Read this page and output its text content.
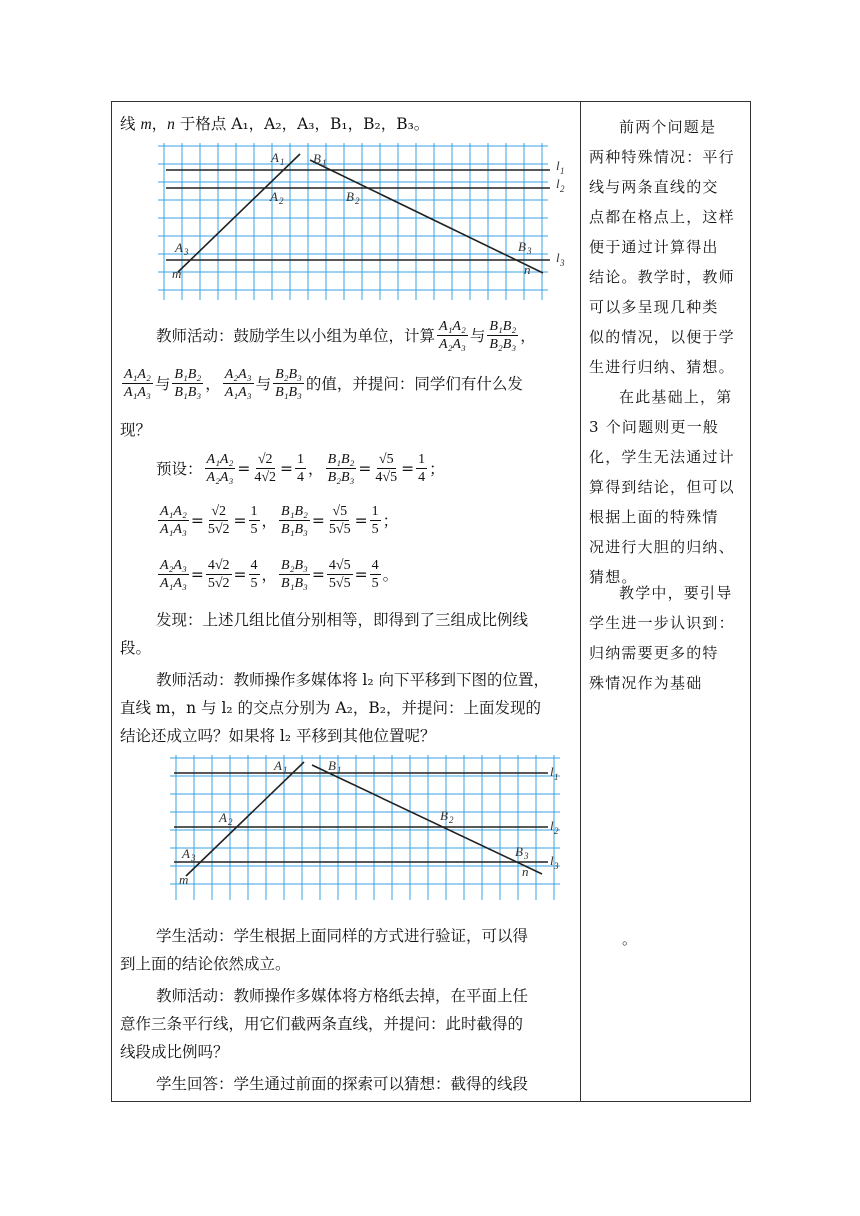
线 m，n 于格点 A₁，A₂，A₃，B₁，B₂，B₃。
A 1
A 2
A 3
B 1
B 2
B 3
l 1
l 2
l 3
m	n
教师活动：鼓励学生以小组为单位，计算 $\frac{\text{A₁A₂}}{\text{A₂A₃}}$ 与 $\frac{\text{B₁B₂}}{\text{B₂B₃}}$ ，
$\frac{\text{A₁A₂}}{\text{A₁A₃}}$ 与 $\frac{\text{B₁B₂}}{\text{B₁B₃}}$ ， $\frac{\text{A₂A₃}}{\text{A₁A₃}}$ 与 $\frac{\text{B₂B₃}}{\text{B₁B₃}}$ 的值，并提问：同学们有什么发
现？
预设： $\frac{\text{A₁A₂}}{\text{A₂A₃}} = \frac{√2}{4√2} = \frac{1}{4}$ ， $\frac{\text{B₁B₂}}{\text{B₂B₃}} = \frac{√5}{4√5} = \frac{1}{4}$ ；
$\frac{\text{A₁A₂}}{\text{A₁A₃}} = \frac{√2}{5√2} = \frac{1}{5}$ ， $\frac{\text{B₁B₂}}{\text{B₁B₃}} = \frac{√5}{5√5} = \frac{1}{5}$ ；
$\frac{\text{A₂A₃}}{\text{A₁A₃}} = \frac{4√2}{5√2} = \frac{4}{5}$ ， $\frac{\text{B₂B₃}}{\text{B₁B₃}} = \frac{4√5}{5√5} = \frac{4}{5}$ 。
发现：上述几组比值分别相等，即得到了三组成比例线
段。
教师活动：教师操作多媒体将 l₂ 向下平移到下图的位置，
直线 m，n 与 l₂ 的交点分别为 A₂，B₂，并提问：上面发现的
结论还成立吗？如果将 l₂ 平移到其他位置呢？
A 1
A 2
A 3
B 1
B 2
B 3
l 1
l 2
l 3
m
n
学生活动：学生根据上面同样的方式进行验证，可以得
到上面的结论依然成立。
教师活动：教师操作多媒体将方格纸去掉，在平面上任
意作三条平行线，用它们截两条直线，并提问：此时截得的
线段成比例吗？
学生回答：学生通过前面的探索可以猜想：截得的线段
前两个问题是
两种特殊情况：平行
线与两条直线的交
点都在格点上，这样
便于通过计算得出
结论。教学时，教师
可以多呈现几种类
似的情况，以便于学
生进行归纳、猜想。
在此基础上，第
3 个问题则更一般
化，学生无法通过计
算得到结论，但可以
根据上面的特殊情
况进行大胆的归纳、
猜想。
教学中，要引导
学生进一步认识到：
归纳需要更多的特
殊情况作为基础
。
